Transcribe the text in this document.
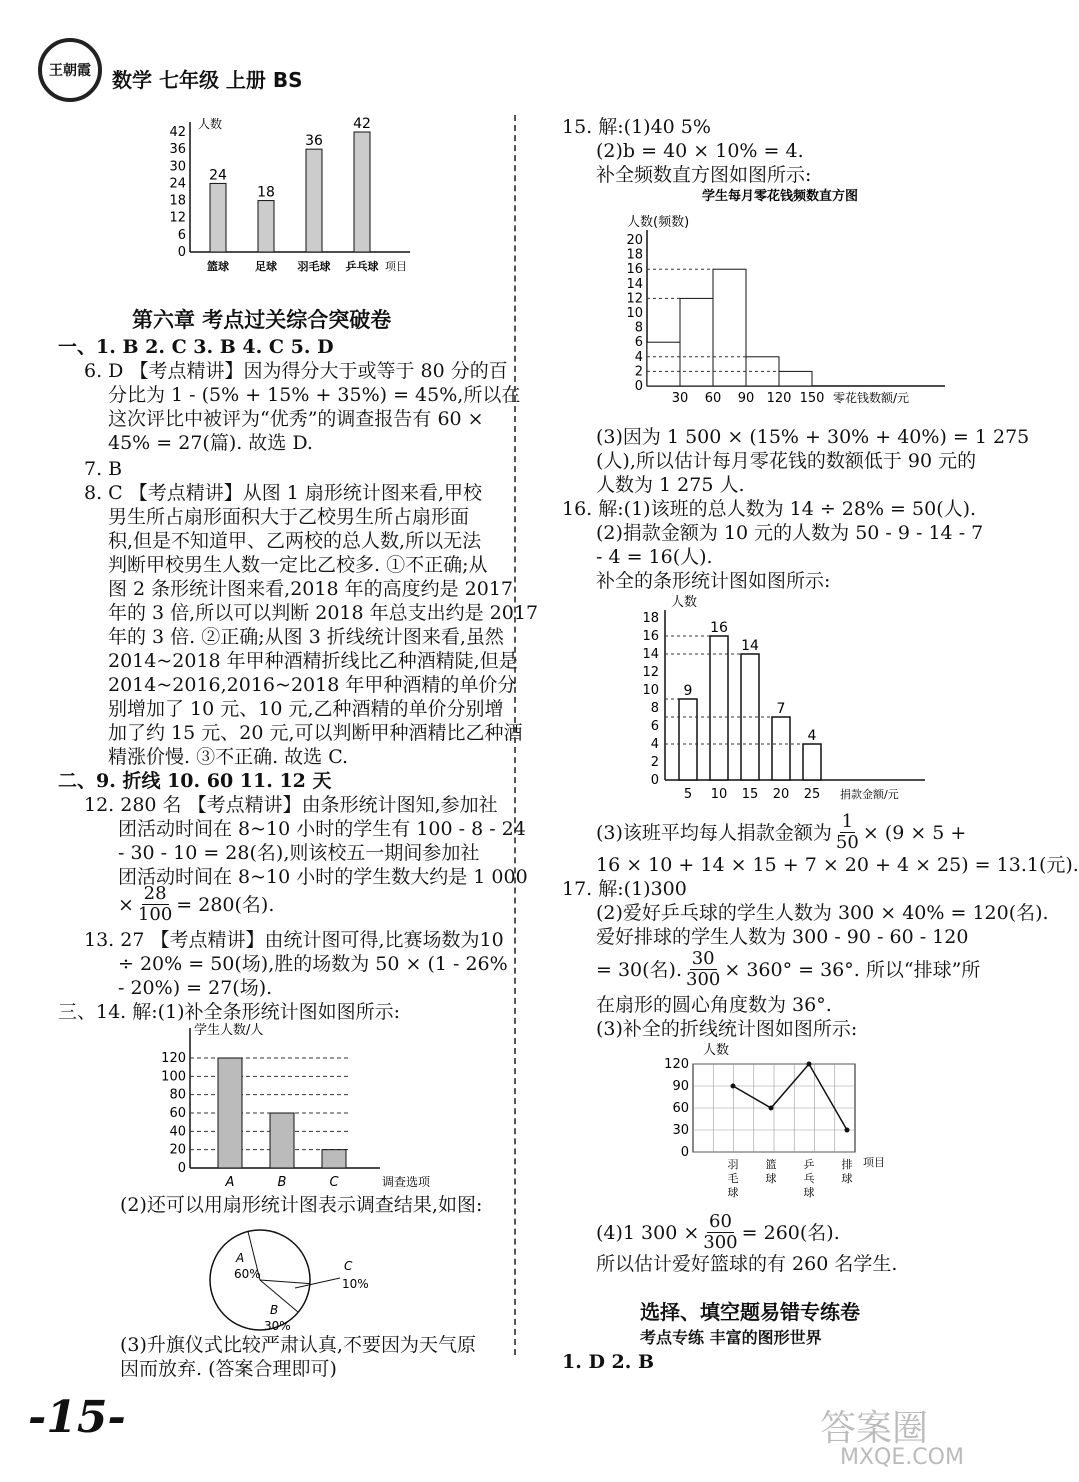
王朝霞 数学 七年级 上册 BS
人数
项目
0
6
12
18
24
30
36
42
24
篮球
18
足球
36
羽毛球
42
乒乓球
第六章 考点过关综合突破卷
一、1. B 2. C 3. B 4. C 5. D
6. D 【考点精讲】因为得分大于或等于 80 分的百
分比为 1 - (5% + 15% + 35%) = 45%,所以在
这次评比中被评为“优秀”的调查报告有 60 ×
45% = 27(篇). 故选 D.
7. B
8. C 【考点精讲】从图 1 扇形统计图来看,甲校
男生所占扇形面积大于乙校男生所占扇形面
积,但是不知道甲、乙两校的总人数,所以无法
判断甲校男生人数一定比乙校多. ①不正确;从
图 2 条形统计图来看,2018 年的高度约是 2017
年的 3 倍,所以可以判断 2018 年总支出约是 2017
年的 3 倍. ②正确;从图 3 折线统计图来看,虽然
2014~2018 年甲种酒精折线比乙种酒精陡,但是
2014~2016,2016~2018 年甲种酒精的单价分
别增加了 10 元、10 元,乙种酒精的单价分别增
加了约 15 元、20 元,可以判断甲种酒精比乙种酒
精涨价慢. ③不正确. 故选 C.
二、9. 折线 10. 60 11. 12 天
12. 280 名 【考点精讲】由条形统计图知,参加社
团活动时间在 8~10 小时的学生有 100 - 8 - 24
- 30 - 10 = 28(名),则该校五一期间参加社
团活动时间在 8~10 小时的学生数大约是 1 000
× $\frac{28}{100} = 280$(名).
13. 27 【考点精讲】由统计图可得,比赛场数为10
÷ 20% = 50(场),胜的场数为 50 × (1 - 26%
- 20%) = 27(场).
三、14. 解:(1)补全条形统计图如图所示:
学生人数/人
调查选项
0
20
40
60
80
100
120
A	B	C
(2)还可以用扇形统计图表示调查结果,如图:
A
60%
B
30%
C
10%
(3)升旗仪式比较严肃认真,不要因为天气原
因而放弃. (答案合理即可)
15. 解:(1)40 5%
(2)b = 40 × 10% = 4.
补全频数直方图如图所示:
学生每月零花钱频数直方图
人数(频数)
0
2
4
6
8
10
12
14
16
18
20
30 60 90 120 150 零花钱数额/元
(3)因为 1 500 × (15% + 30% + 40%) = 1 275
(人),所以估计每月零花钱的数额低于 90 元的
人数为 1 275 人.
16. 解:(1)该班的总人数为 14 ÷ 28% = 50(人).
(2)捐款金额为 10 元的人数为 50 - 9 - 14 - 7
- 4 = 16(人).
补全的条形统计图如图所示:
人数
0
2
4
6
8
10
12
14
16
18
9
5
16
10
14
15
7
20
4
25 捐款金额/元
(3)该班平均每人捐款金额为 $\frac{1}{50} \times (9 \times 5$ +
16 × 10 + 14 × 15 + 7 × 20 + 4 × 25) = 13.1(元).
17. 解:(1)300
(2)爱好乒乓球的学生人数为 300 × 40% = 120(名).
爱好排球的学生人数为 300 - 90 - 60 - 120
= 30(名). $\frac{30}{300} \times 360^\circ = 36^\circ$. 所以“排球”所
在扇形的圆心角度数为 36°.
(3)补全的折线统计图如图所示:
人数
0
30
60
90
120
羽
毛
球
篮
球
乒
乓
球
排
球
项目
(4)1 $300 \times \frac{60}{300} = 260$(名).
所以估计爱好篮球的有 260 名学生.
选择、填空题易错专练卷
考点专练 丰富的图形世界
1. D 2. B
-15-	答案圈
MXQE.COM
